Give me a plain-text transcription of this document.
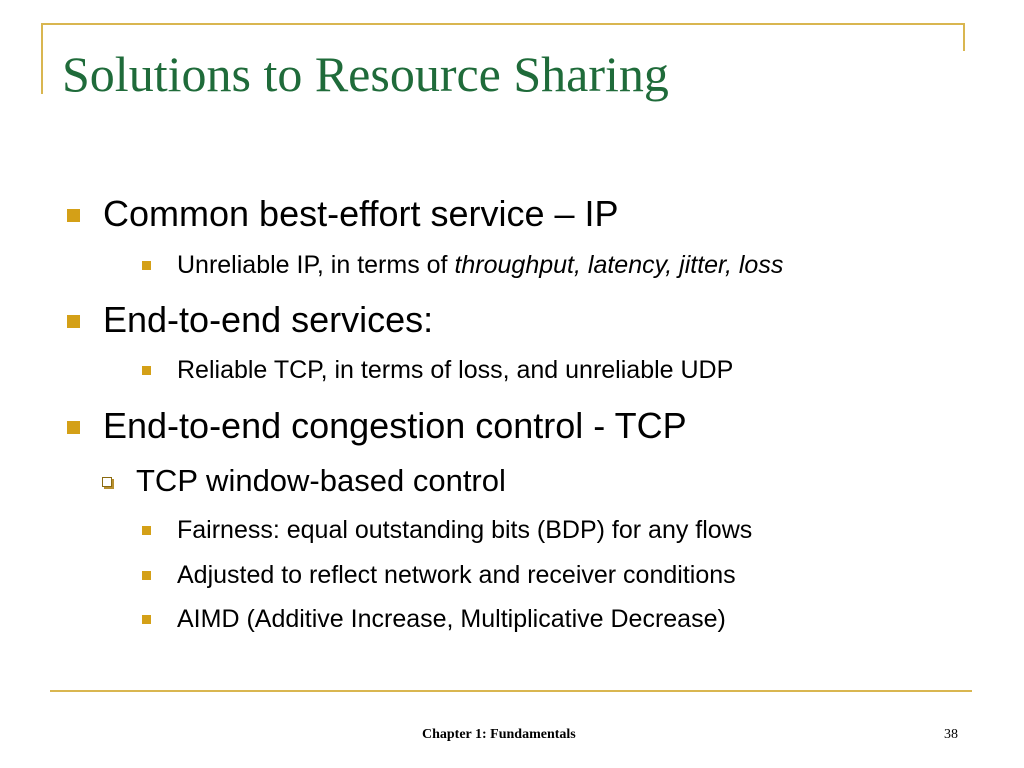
Solutions to Resource Sharing
Common best-effort service – IP
Unreliable IP, in terms of throughput, latency, jitter, loss
End-to-end services:
Reliable TCP, in terms of loss, and unreliable UDP
End-to-end congestion control - TCP
TCP window-based control
Fairness: equal outstanding bits (BDP) for any flows
Adjusted to reflect network and receiver conditions
AIMD (Additive Increase, Multiplicative Decrease)
Chapter 1: Fundamentals	38
